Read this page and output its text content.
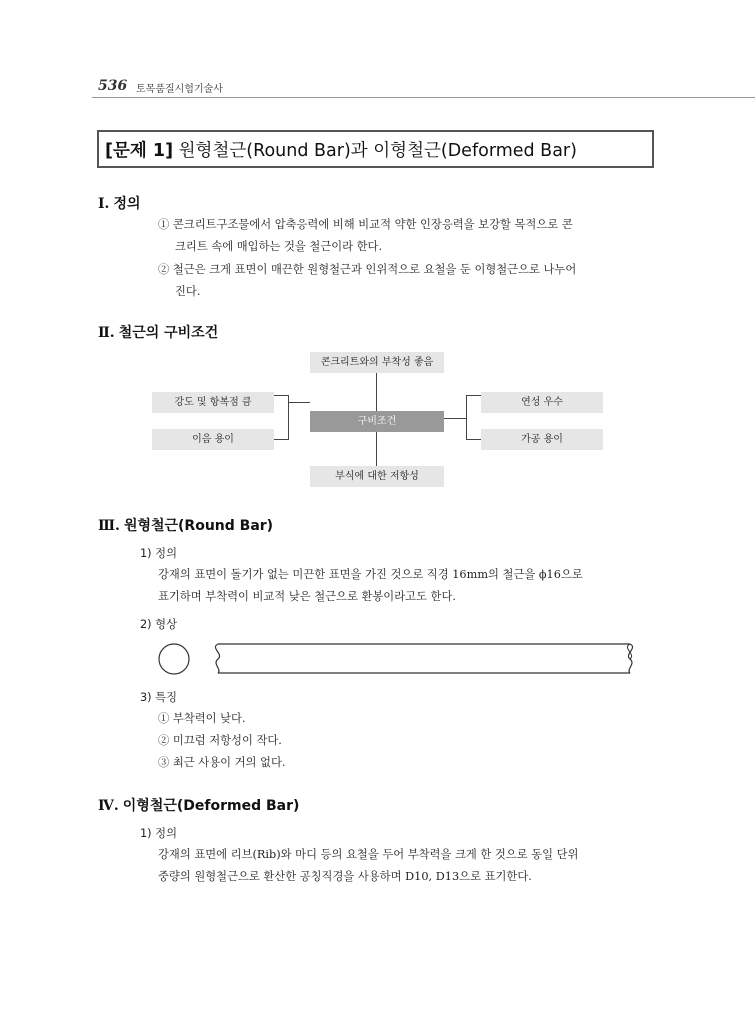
536 토목품질시험기술사
[문제 1] 원형철근(Round Bar)과 이형철근(Deformed Bar)
Ⅰ. 정의
① 콘크리트구조물에서 압축응력에 비해 비교적 약한 인장응력을 보강할 목적으로 콘
크리트 속에 매입하는 것을 철근이라 한다.
② 철근은 크게 표면이 매끈한 원형철근과 인위적으로 요철을 둔 이형철근으로 나누어
진다.
Ⅱ. 철근의 구비조건
콘크리트와의 부착성 좋음
강도 및 항복점 큼
이음 용이
구비조건
연성 우수
가공 용이
부식에 대한 저항성
Ⅲ. 원형철근(Round Bar)
1) 정의
강재의 표면이 돌기가 없는 미끈한 표면을 가진 것으로 직경 16mm의 철근을 ϕ16으로
표기하며 부착력이 비교적 낮은 철근으로 환봉이라고도 한다.
2) 형상
3) 특징
① 부착력이 낮다.
② 미끄럼 저항성이 작다.
③ 최근 사용이 거의 없다.
Ⅳ. 이형철근(Deformed Bar)
1) 정의
강재의 표면에 리브(Rib)와 마디 등의 요철을 두어 부착력을 크게 한 것으로 동일 단위
중량의 원형철근으로 환산한 공칭직경을 사용하며 D10, D13으로 표기한다.
